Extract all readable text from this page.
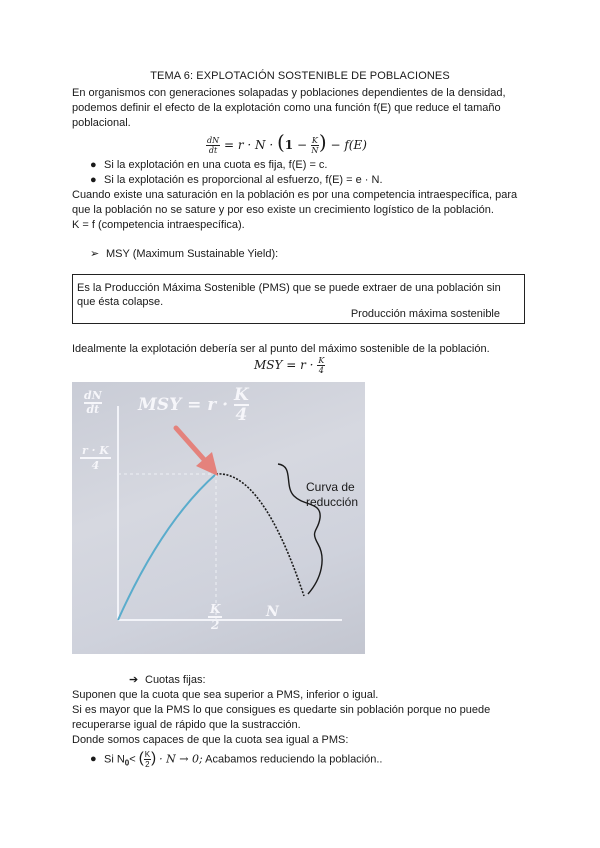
TEMA 6: EXPLOTACIÓN SOSTENIBLE DE POBLACIONES
En organismos con generaciones solapadas y poblaciones dependientes de la densidad,
podemos definir el efecto de la explotación como una función f(E) que reduce el tamaño
poblacional.
$\frac{dN}{dt} = r \cdot N \cdot (1 - \frac{K}{N}$ ) − f(E)
● Si la explotación en una cuota es fija, f(E) = c.
● Si la explotación es proporcional al esfuerzo, f(E) = e · N.
Cuando existe una saturación en la población es por una competencia intraespecífica, para
que la población no se sature y por eso existe un crecimiento logístico de la población.
K = f (competencia intraespecífica).
➢ MSY (Maximum Sustainable Yield):
Es la Producción Máxima Sostenible (PMS) que se puede extraer de una población sin que ésta colapse.
Producción máxima sostenible
Idealmente la explotación debería ser al punto del máximo sostenible de la población.
MSY = $r \cdot \frac{K}{4}$
dN
dt MSY = $r \cdot \frac{K}{4}$
r · K
4
K
2
N
Curva de
reducción
➔ Cuotas fijas:
Suponen que la cuota que sea superior a PMS, inferior o igual.
Si es mayor que la PMS lo que consigues es quedarte sin población porque no puede
recuperarse igual de rápido que la sustracción.
Donde somos capaces de que la cuota sea igual a PMS:
● Si $N_0<$ ( $\frac{K}{2}$ ) · N → 0; Acabamos reduciendo la población..
